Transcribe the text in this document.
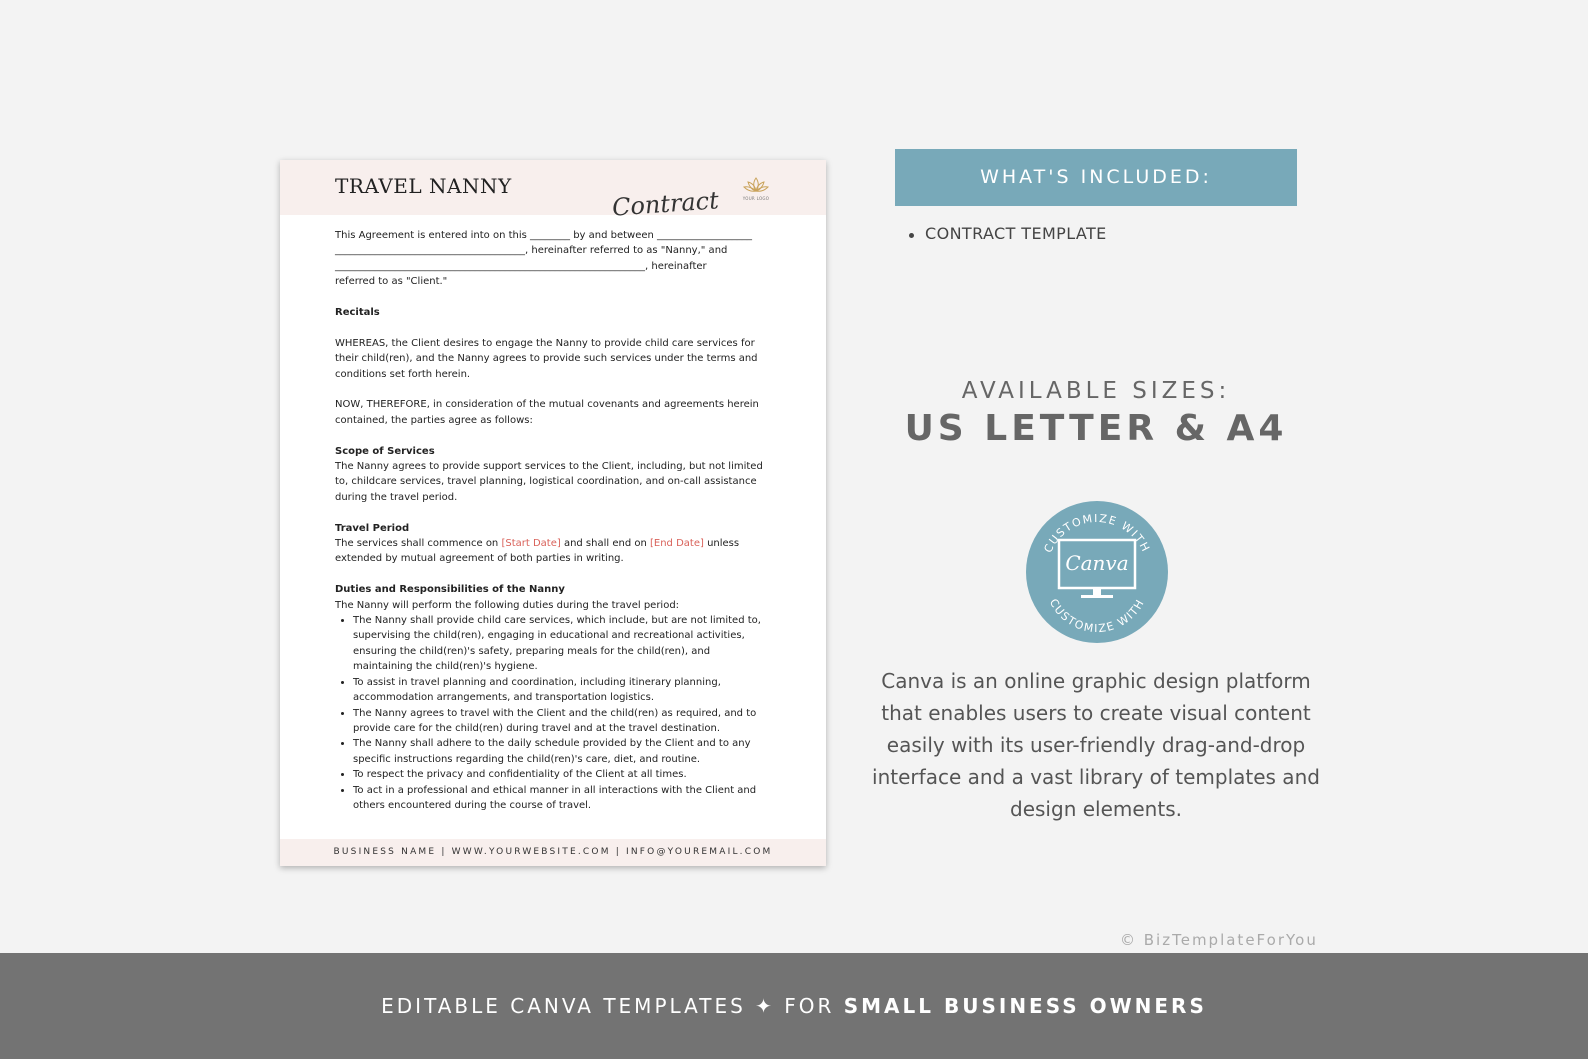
TRAVEL NANNY
Contract	YOUR LOGO
This Agreement is entered into on this ________ by and between ___________________
______________________________________, hereinafter referred to as "Nanny," and
______________________________________________________________, hereinafter

referred to as "Client."

Recitals

WHEREAS, the Client desires to engage the Nanny to provide child care services for their child(ren), and the Nanny agrees to provide such services under the terms and conditions set forth herein.

NOW, THEREFORE, in consideration of the mutual covenants and agreements herein contained, the parties agree as follows:

Scope of Services

The Nanny agrees to provide support services to the Client, including, but not limited to, childcare services, travel planning, logistical coordination, and on-call assistance during the travel period.

Travel Period

The services shall commence on [Start Date] and shall end on [End Date] unless extended by mutual agreement of both parties in writing.

Duties and Responsibilities of the Nanny
The Nanny will perform the following duties during the travel period:
• The Nanny shall provide child care services, which include, but are not limited to, supervising the child(ren), engaging in educational and recreational activities, ensuring the child(ren)'s safety, preparing meals for the child(ren), and maintaining the child(ren)'s hygiene.
• To assist in travel planning and coordination, including itinerary planning, accommodation arrangements, and transportation logistics.
• The Nanny agrees to travel with the Client and the child(ren) as required, and to provide care for the child(ren) during travel and at the travel destination.
• The Nanny shall adhere to the daily schedule provided by the Client and to any specific instructions regarding the child(ren)'s care, diet, and routine.
• To respect the privacy and confidentiality of the Client at all times.
• To act in a professional and ethical manner in all interactions with the Client and others encountered during the course of travel.
BUSINESS NAME | WWW.YOURWEBSITE.COM | INFO@YOUREMAIL.COM
WHAT'S INCLUDED:
CONTRACT TEMPLATE
AVAILABLE SIZES:
US LETTER & A4
CUSTOMIZE WITH
CUSTOMIZE WITH
Canva
Canva is an online graphic design platform that enables users to create visual content easily with its user-friendly drag-and-drop interface and a vast library of templates and design elements.
© BizTemplateForYou
EDITABLE CANVA TEMPLATES ✦ FOR SMALL BUSINESS OWNERS
